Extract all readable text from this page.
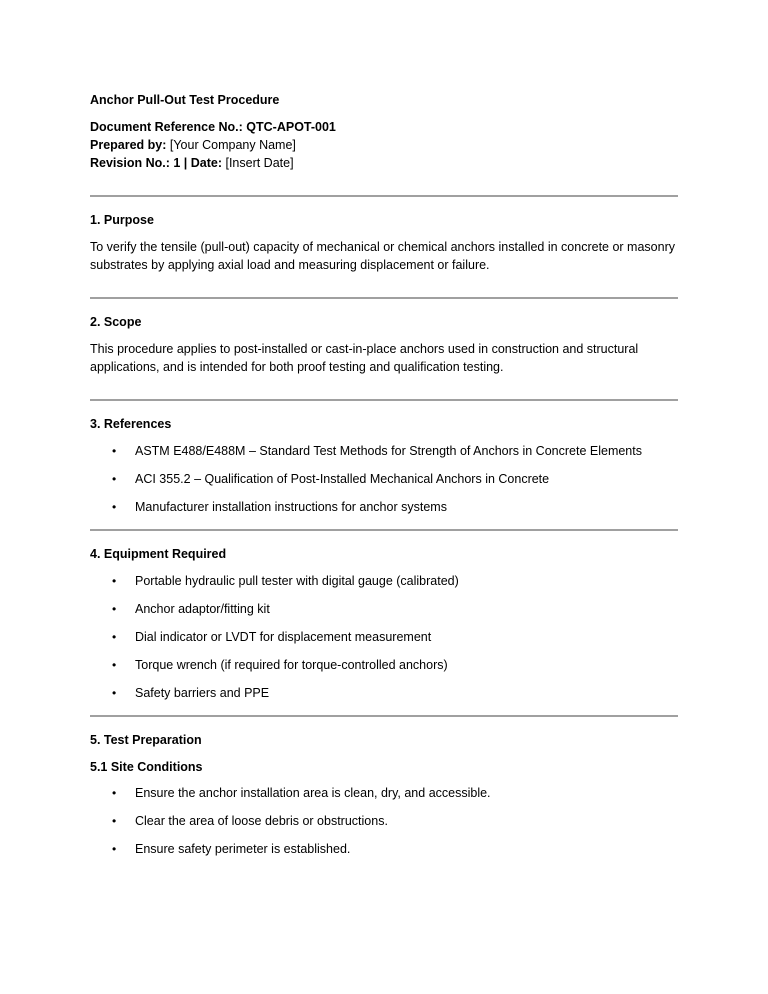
Anchor Pull-Out Test Procedure

Document Reference No.: QTC-APOT-001

Prepared by: [Your Company Name]

Revision No.: 1 | Date: [Insert Date]

1. Purpose

To verify the tensile (pull-out) capacity of mechanical or chemical anchors installed in concrete or masonry substrates by applying axial load and measuring displacement or failure.

2. Scope

This procedure applies to post-installed or cast-in-place anchors used in construction and structural applications, and is intended for both proof testing and qualification testing.

3. References

• ASTM E488/E488M – Standard Test Methods for Strength of Anchors in Concrete Elements
• ACI 355.2 – Qualification of Post-Installed Mechanical Anchors in Concrete
• Manufacturer installation instructions for anchor systems

4. Equipment Required

• Portable hydraulic pull tester with digital gauge (calibrated)
• Anchor adaptor/fitting kit
• Dial indicator or LVDT for displacement measurement
• Torque wrench (if required for torque-controlled anchors)
• Safety barriers and PPE

5. Test Preparation

5.1 Site Conditions

• Ensure the anchor installation area is clean, dry, and accessible.
• Clear the area of loose debris or obstructions.
• Ensure safety perimeter is established.
